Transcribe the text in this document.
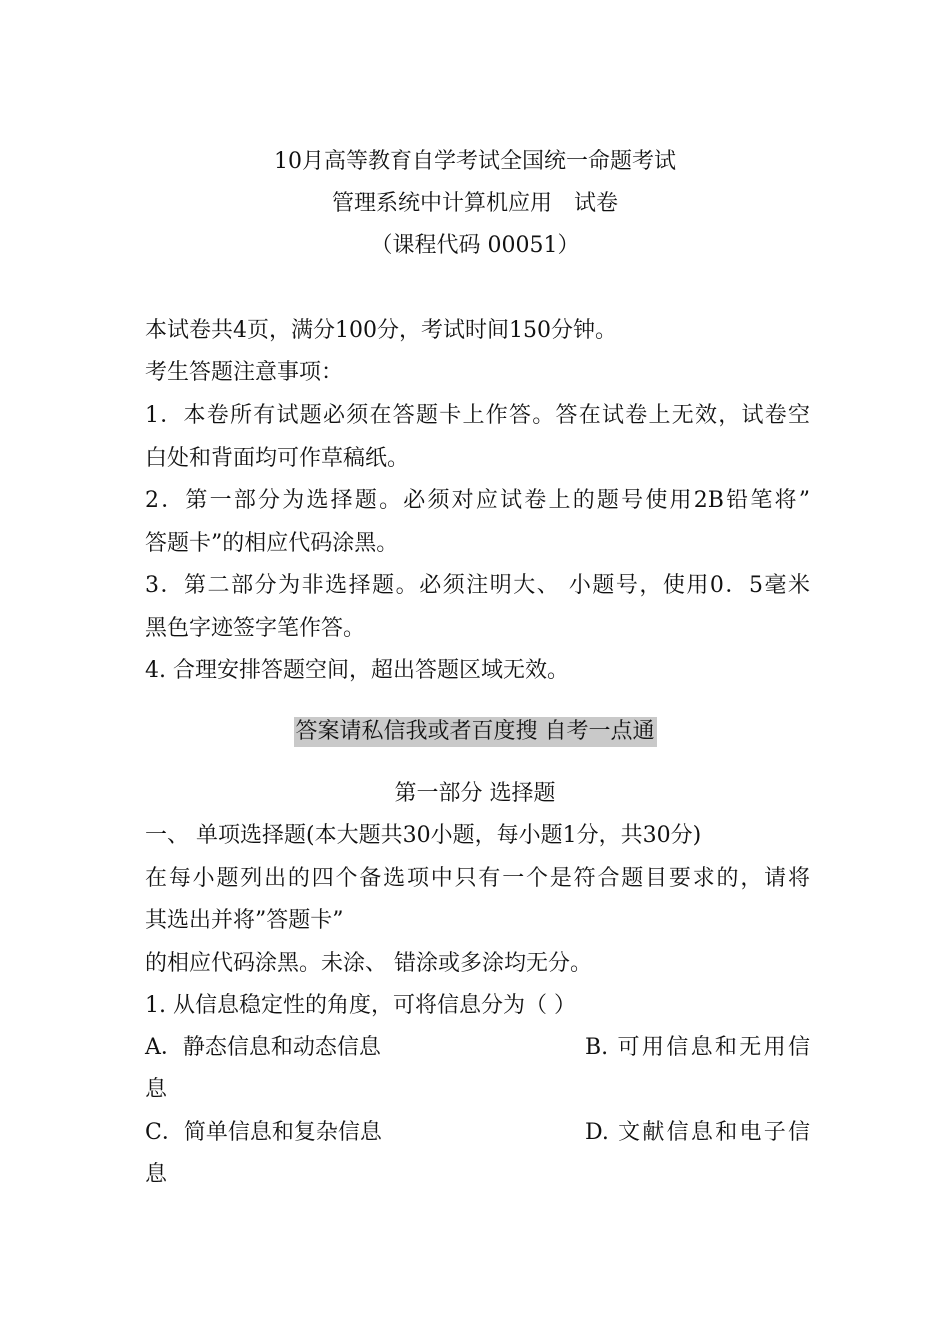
10月高等教育自学考试全国统一命题考试
管理系统中计算机应用　试卷
（课程代码 00051）
本试卷共4页，满分100分，考试时间150分钟。
考生答题注意事项：
1．本卷所有试题必须在答题卡上作答。答在试卷上无效，试卷空
白处和背面均可作草稿纸。
2．第一部分为选择题。必须对应试卷上的题号使用2B铅笔将”
答题卡”的相应代码涂黑。
3．第二部分为非选择题。必须注明大、 小题号，使用0．5毫米
黑色字迹签字笔作答。
4. 合理安排答题空间，超出答题区域无效。
答案请私信我或者百度搜 自考一点通
第一部分 选择题
一、 单项选择题(本大题共30小题，每小题1分，共30分)
在每小题列出的四个备选项中只有一个是符合题目要求的，请将
其选出并将”答题卡”
的相应代码涂黑。未涂、 错涂或多涂均无分。
1. 从信息稳定性的角度，可将信息分为（ ）
A．静态信息和动态信息	B. 可用信息和无用信
息
C．简单信息和复杂信息	D. 文献信息和电子信
息
